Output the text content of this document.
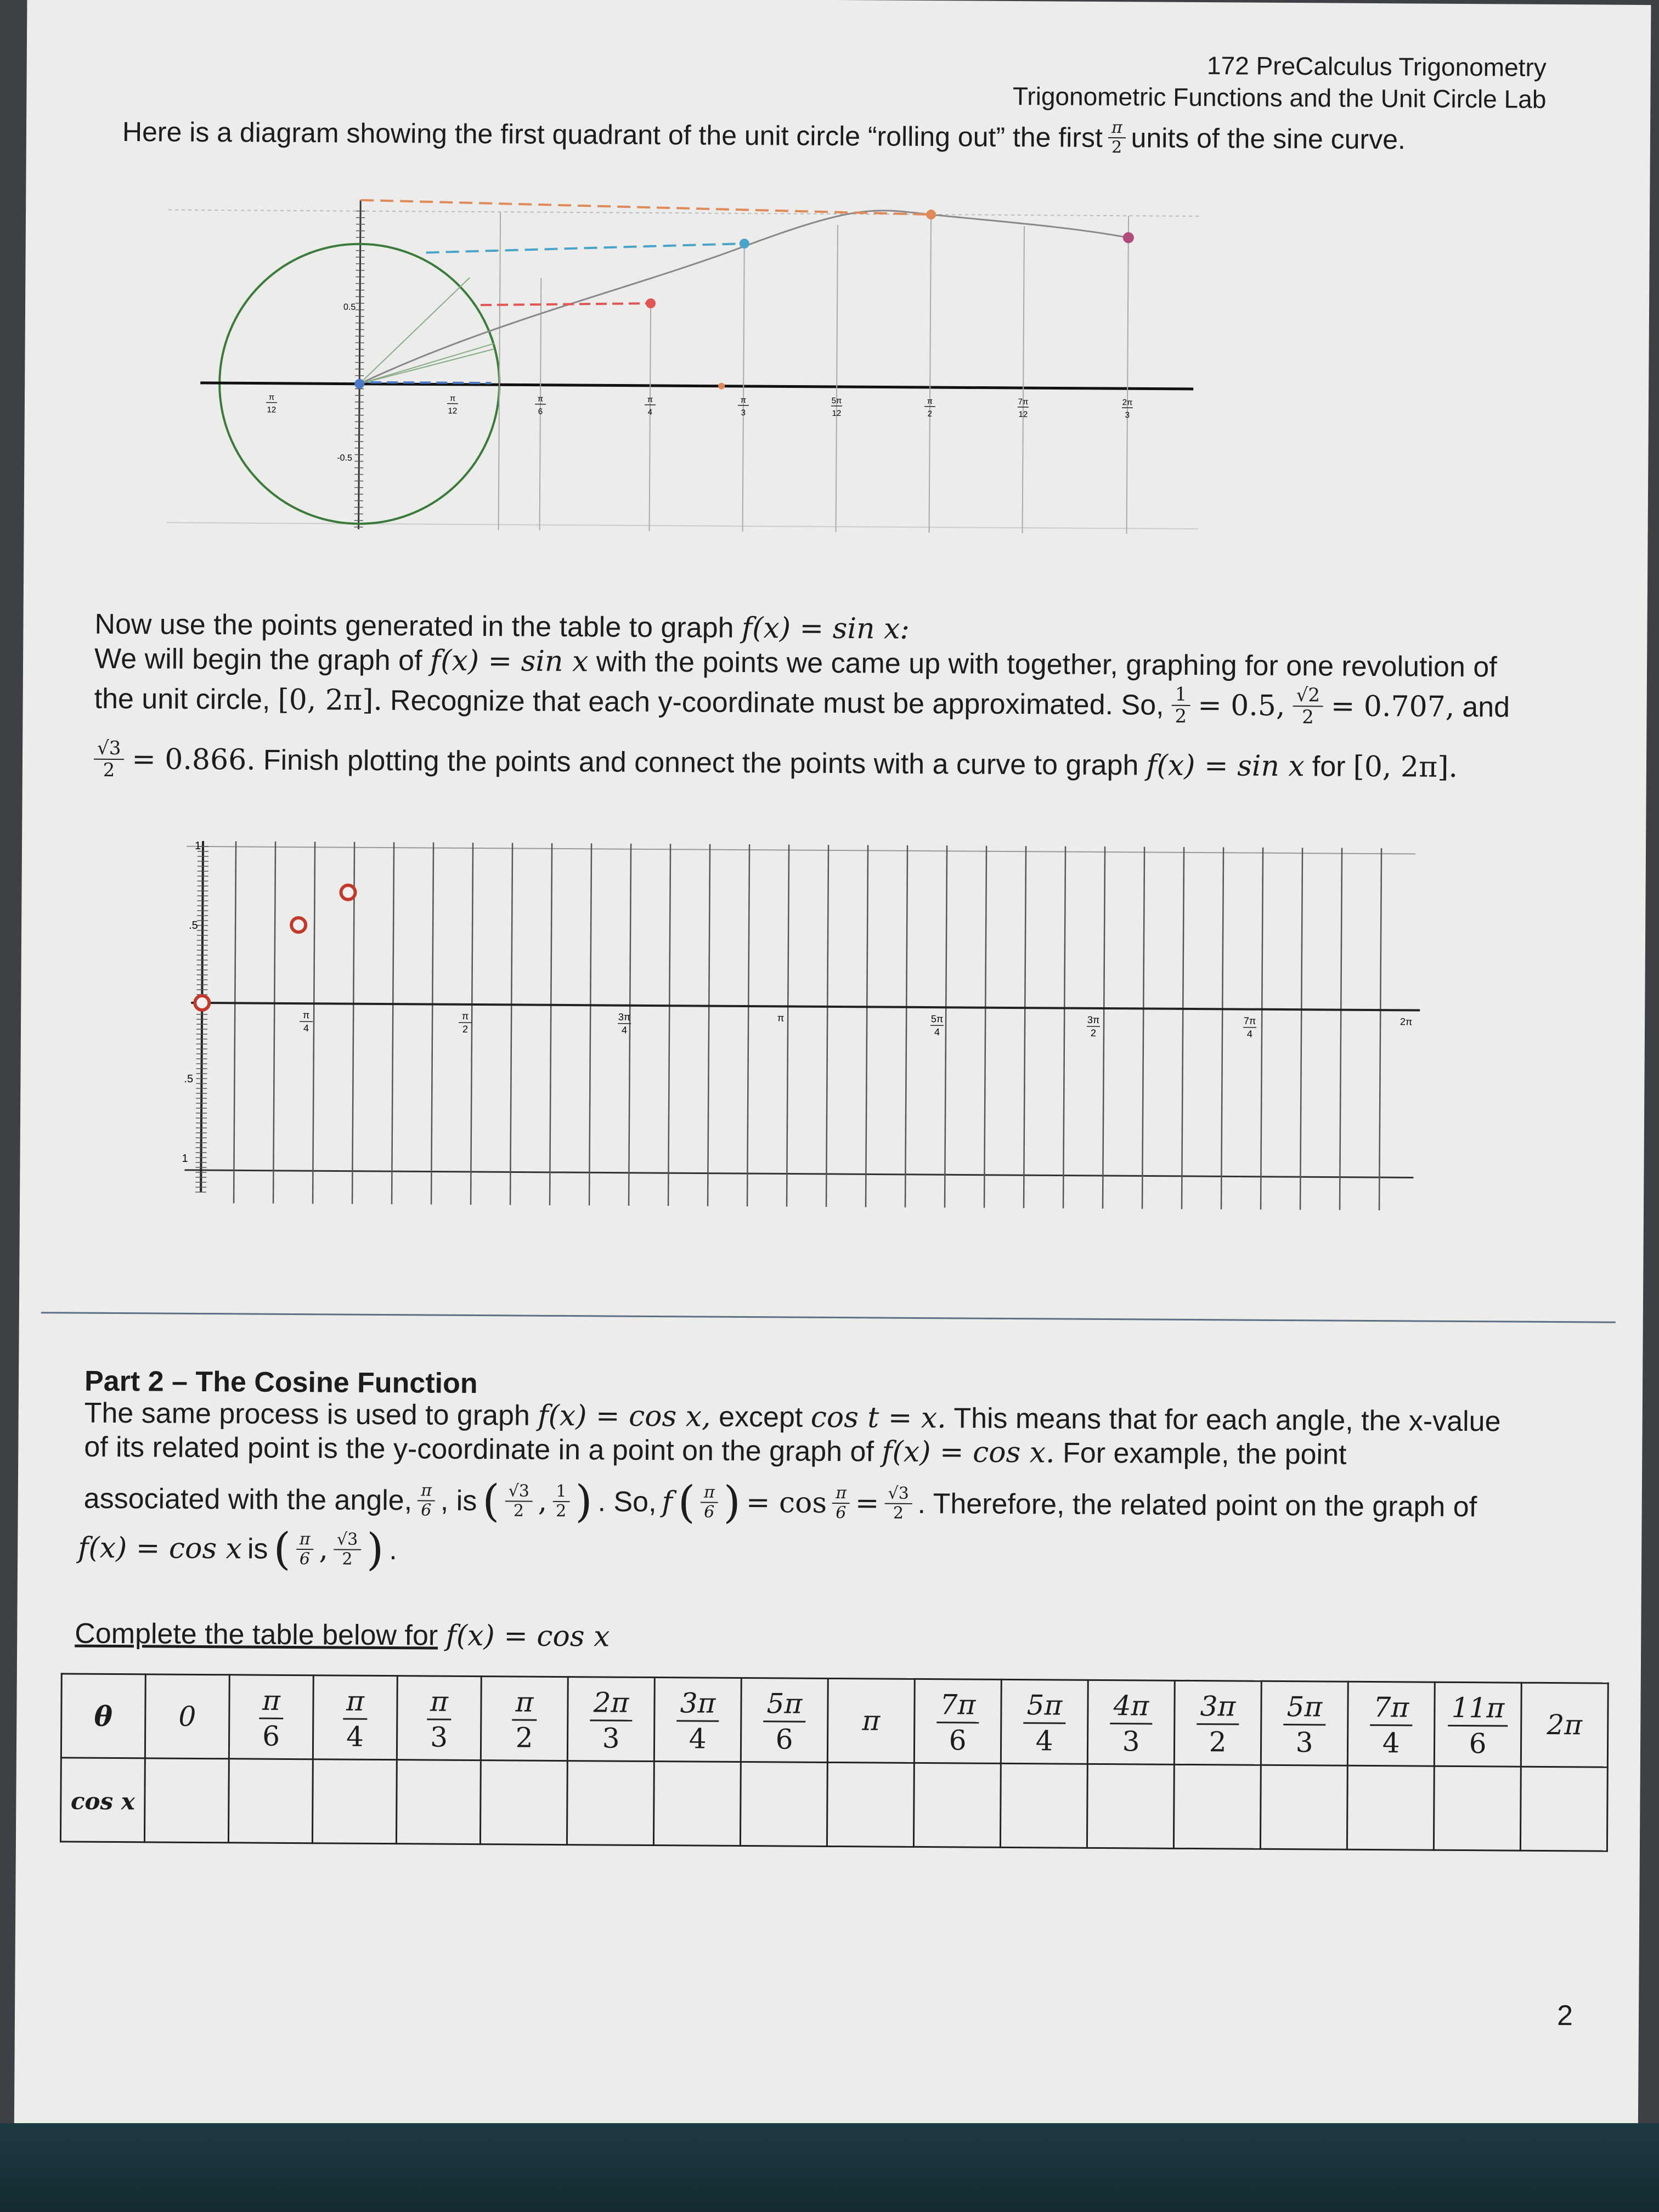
172 PreCalculus Trigonometry
Trigonometric Functions and the Unit Circle Lab
Here is a diagram showing the first quadrant of the unit circle “rolling out” the first $\frac{\pi}{2}$ units of the sine curve.
0.5
-0.5
π
12
π
12
π
6
π
4
π
3
5π
12
π
2
7π
12
2π
3
Now use the points generated in the table to graph f(x) = sin x:
We will begin the graph of f(x) = sin x with the points we came up with together, graphing for one revolution of
the unit circle, [0, 2π]. Recognize that each y-coordinate must be approximated. So, $\frac{1}{2} = 0.5$, $\frac{√2}{2} = 0.707$, and
$\frac{√3}{2} = 0.866$. Finish plotting the points and connect the points with a curve to graph f(x) = sin x for [0, 2π].
1
.5
.5
1
π
4
π
2
3π
4
π	5π
4
3π
2
7π
4
2π
Part 2 – The Cosine Function
The same process is used to graph f(x) = cos x, except cos t = x. This means that for each angle, the x-value
of its related point is the y-coordinate in a point on the graph of f(x) = cos x. For example, the point
associated with the angle, $\frac{\pi}{6}$ , is ( $\frac{√3}{2}$ , $\frac{1}{2}$ ) . So, f ( $\frac{\pi}{6}$ ) = $\cos \frac{\pi}{6} = \frac{√3}{2}$ . Therefore, the related point on the graph of
f(x) = cos x is ( $\frac{\pi}{6}$ , $\frac{√3}{2}$ ) .
Complete the table below for f(x) = cos x
θ	0	$\frac{\pi}{6}$	$\frac{\pi}{4}$	$\frac{\pi}{3}$	$\frac{\pi}{2}$	$\frac{2\pi}{3}$	$\frac{3\pi}{4}$	$\frac{5\pi}{6}$	π	$\frac{7\pi}{6}$	$\frac{5\pi}{4}$	$\frac{4\pi}{3}$	$\frac{3\pi}{2}$	$\frac{5\pi}{3}$	$\frac{7\pi}{4}$	$\frac{11\pi}{6}$	2π
cos x																	
2
